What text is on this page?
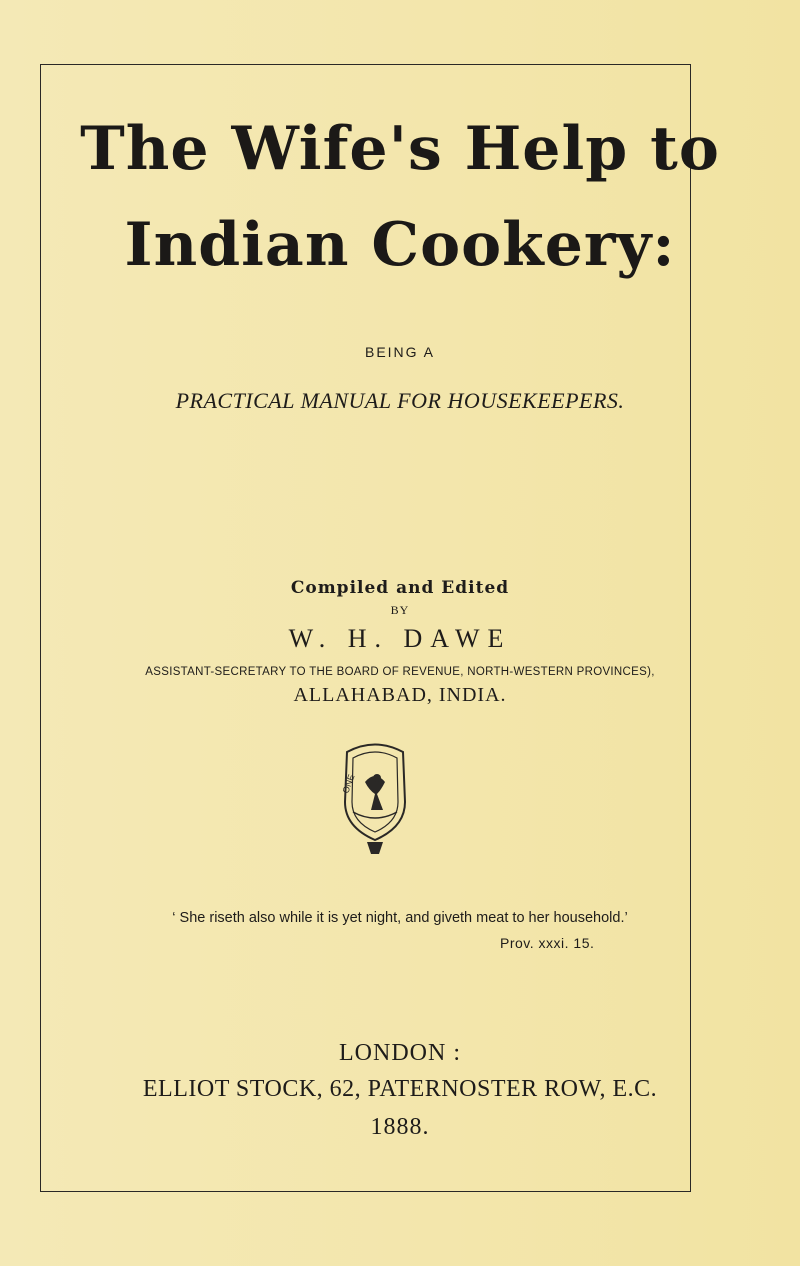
The Wife's Help to
Indian Cookery:
BEING A
PRACTICAL MANUAL FOR HOUSEKEEPERS.
Compiled and Edited
BY
W. H. DAWE
ASSISTANT-SECRETARY TO THE BOARD OF REVENUE, NORTH-WESTERN PROVINCES),
ALLAHABAD, INDIA.
ONE
‘ She riseth also while it is yet night, and giveth meat to her household.’
Prov. xxxi. 15.
LONDON :
ELLIOT STOCK, 62, PATERNOSTER ROW, E.C.
1888.
